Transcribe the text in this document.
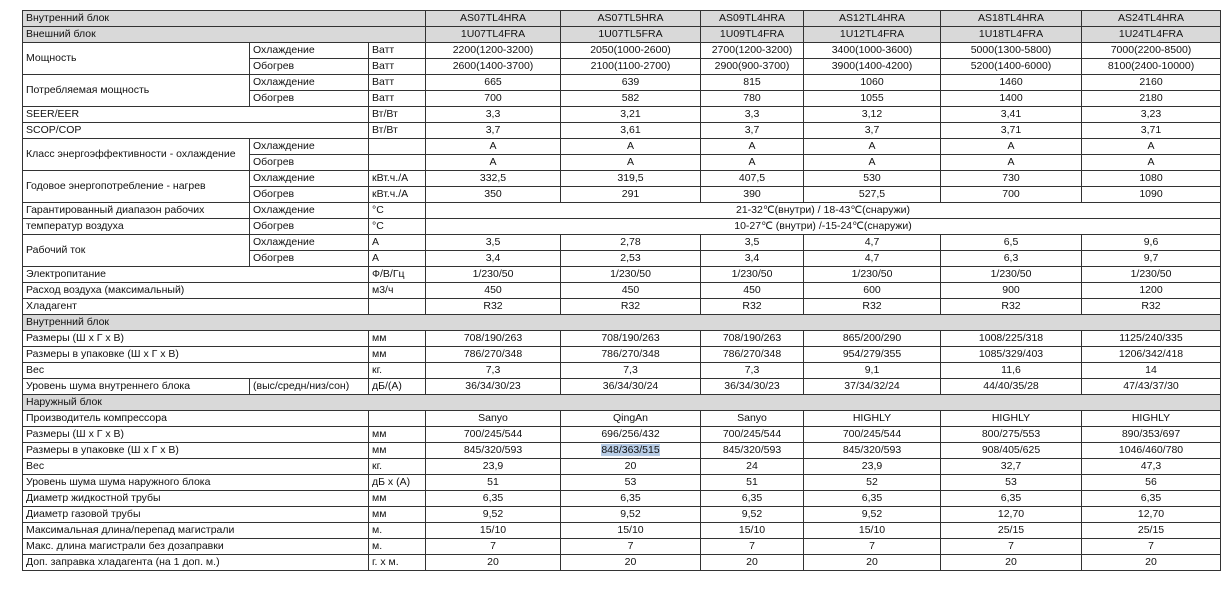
Внутренний блок			AS07TL4HRA	AS07TL5HRA	AS09TL4HRA	AS12TL4HRA	AS18TL4HRA	AS24TL4HRA
Внешний блок			1U07TL4FRA	1U07TL5FRA	1U09TL4FRA	1U12TL4FRA	1U18TL4FRA	1U24TL4FRA
Мощность	Охлаждение	Ватт	2200(1200-3200)	2050(1000-2600)	2700(1200-3200)	3400(1000-3600)	5000(1300-5800)	7000(2200-8500)
	Обогрев	Ватт	2600(1400-3700)	2100(1100-2700)	2900(900-3700)	3900(1400-4200)	5200(1400-6000)	8100(2400-10000)
Потребляемая мощность	Охлаждение	Ватт	665	639	815	1060	1460	2160
	Обогрев	Ватт	700	582	780	1055	1400	2180
SEER/EER		Вт/Вт	3,3	3,21	3,3	3,12	3,41	3,23
SCOP/COP		Вт/Вт	3,7	3,61	3,7	3,7	3,71	3,71
Класс энергоэффективности - охлаждение	Охлаждение		A	A	A	A	A	A
	Обогрев		A	A	A	A	A	A
Годовое энергопотребление - нагрев	Охлаждение	кВт.ч./А	332,5	319,5	407,5	530	730	1080
	Обогрев	кВт.ч./А	350	291	390	527,5	700	1090
Гарантированный диапазон рабочих	Охлаждение	°С	21-32℃(внутри) / 18-43℃(снаружи)					
температур воздуха	Обогрев	°С	10-27℃ (внутри) /-15-24℃(снаружи)					
Рабочий ток	Охлаждение	А	3,5	2,78	3,5	4,7	6,5	9,6
	Обогрев	А	3,4	2,53	3,4	4,7	6,3	9,7
Электропитание		Ф/В/Гц	1/230/50	1/230/50	1/230/50	1/230/50	1/230/50	1/230/50
Расход воздуха (максимальный)		м3/ч	450	450	450	600	900	1200
Хладагент			R32	R32	R32	R32	R32	R32
Внутренний блок								
Размеры (Ш х Г х В)		мм	708/190/263	708/190/263	708/190/263	865/200/290	1008/225/318	1125/240/335
Размеры в упаковке (Ш х Г х В)		мм	786/270/348	786/270/348	786/270/348	954/279/355	1085/329/403	1206/342/418
Вес		кг.	7,3	7,3	7,3	9,1	11,6	14
Уровень шума внутреннего блока	(выс/средн/низ/сон)	дБ/(А)	36/34/30/23	36/34/30/24	36/34/30/23	37/34/32/24	44/40/35/28	47/43/37/30
Наружный блок								
Производитель компрессора			Sanyo	QingAn	Sanyo	HIGHLY	HIGHLY	HIGHLY
Размеры (Ш х Г х В)		мм	700/245/544	696/256/432	700/245/544	700/245/544	800/275/553	890/353/697
Размеры в упаковке (Ш х Г х В)		мм	845/320/593	848/363/515	845/320/593	845/320/593	908/405/625	1046/460/780
Вес		кг.	23,9	20	24	23,9	32,7	47,3
Уровень шума шума наружного блока		дБ х (А)	51	53	51	52	53	56
Диаметр жидкостной трубы		мм	6,35	6,35	6,35	6,35	6,35	6,35
Диаметр газовой трубы		мм	9,52	9,52	9,52	9,52	12,70	12,70
Максимальная длина/перепад магистрали		м.	15/10	15/10	15/10	15/10	25/15	25/15
Макс. длина магистрали без дозаправки		м.	7	7	7	7	7	7
Доп. заправка хладагента (на 1 доп. м.)		г. х м.	20	20	20	20	20	20
